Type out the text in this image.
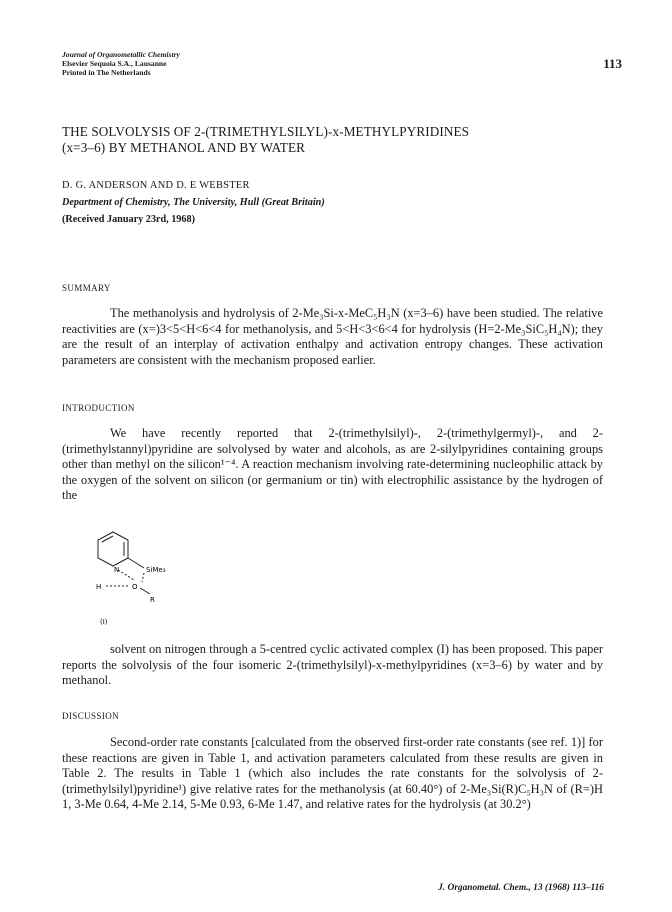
Journal of Organometallic Chemistry

Elsevier Sequoia S.A., Lausanne

Printed in The Netherlands

113
THE SOLVOLYSIS OF 2-(TRIMETHYLSILYL)-x-METHYLPYRIDINES
(x=3–6) BY METHANOL AND BY WATER

D. G. ANDERSON AND D. E WEBSTER

Department of Chemistry, The University, Hull (Great Britain)

(Received January 23rd, 1968)

SUMMARY

The methanolysis and hydrolysis of 2-Me₃Si-x-MeC₅H₃N (x=3–6) have been studied. The relative reactivities are (x=)3<5<H<6<4 for methanolysis, and 5<H<3<6<4 for hydrolysis (H=2-Me₃SiC₅H₄N); they are the result of an interplay of activation enthalpy and activation entropy changes. These activation parameters are consistent with the mechanism proposed earlier.

INTRODUCTION

We have recently reported that 2-(trimethylsilyl)-, 2-(trimethylgermyl)-, and 2-(trimethylstannyl)pyridine are solvolysed by water and alcohols, as are 2-silylpyridines containing groups other than methyl on the silicon¹⁻⁴. A reaction mechanism involving rate-determining nucleophilic attack by the oxygen of the solvent on silicon (or germanium or tin) with electrophilic assistance by the hydrogen of the

N	SiMe₃
H	O
R
(I)

solvent on nitrogen through a 5-centred cyclic activated complex (I) has been proposed. This paper reports the solvolysis of the four isomeric 2-(trimethylsilyl)-x-methylpyridines (x=3–6) by water and by methanol.

DISCUSSION

Second-order rate constants [calculated from the observed first-order rate constants (see ref. 1)] for these reactions are given in Table 1, and activation parameters calculated from these results are given in Table 2. The results in Table 1 (which also includes the rate constants for the solvolysis of 2-(trimethylsilyl)pyridine¹) give relative rates for the methanolysis (at 60.40°) of 2-Me₃Si(R)C₅H₃N of (R=)H 1, 3-Me 0.64, 4-Me 2.14, 5-Me 0.93, 6-Me 1.47, and relative rates for the hydrolysis (at 30.2°)

J. Organometal. Chem., 13 (1968) 113–116
